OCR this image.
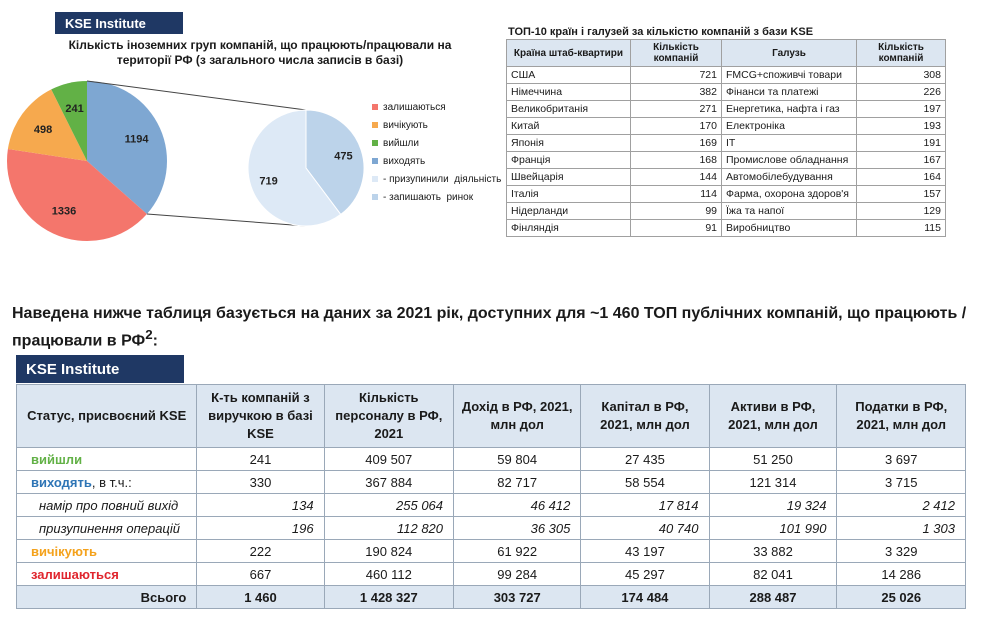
KSE Institute
Кількість іноземних груп компаній, що працюють/працювали на території РФ (з загального числа записів в базі)
1194
1336
498
241
475
719
залишаються
вичікують
вийшли
виходять
- призупинили  діяльність
- запишають  ринок
ТОП-10 країн і галузей за кількістю компаній з бази KSE
Країна штаб-квартири	Кількість компаній	Галузь	Кількість компаній
США	721	FMCG+споживчі товари	308
Німеччина	382	Фінанси та платежі	226
Великобританія	271	Енергетика, нафта і газ	197
Китай	170	Електроніка	193
Японія	169	IT	191
Франція	168	Промислове обладнання	167
Швейцарія	144	Автомобілебудування	164
Італія	114	Фарма, охорона здоров'я	157
Нідерланди	99	Їжа та напої	129
Фінляндія	91	Виробництво	115
Наведена нижче таблиця базується на даних за 2021 рік, доступних для ~1 460 ТОП публічних компаній, що працюють / працювали в $РФ^2$:
KSE Institute
Статус, присвоєний KSE	К-ть компаній з виручкою в базі KSE	Кількість персоналу в РФ, 2021	Дохід в РФ, 2021, млн дол	Капітал в РФ, 2021, млн дол	Активи в РФ, 2021, млн дол	Податки в РФ, 2021, млн дол
вийшли	241	409 507	59 804	27 435	51 250	3 697
виходять, в т.ч.:	330	367 884	82 717	58 554	121 314	3 715
намір про повний вихід	134	255 064	46 412	17 814	19 324	2 412
призупинення операцій	196	112 820	36 305	40 740	101 990	1 303
вичікують	222	190 824	61 922	43 197	33 882	3 329
залишаються	667	460 112	99 284	45 297	82 041	14 286
Всього	1 460	1 428 327	303 727	174 484	288 487	25 026
